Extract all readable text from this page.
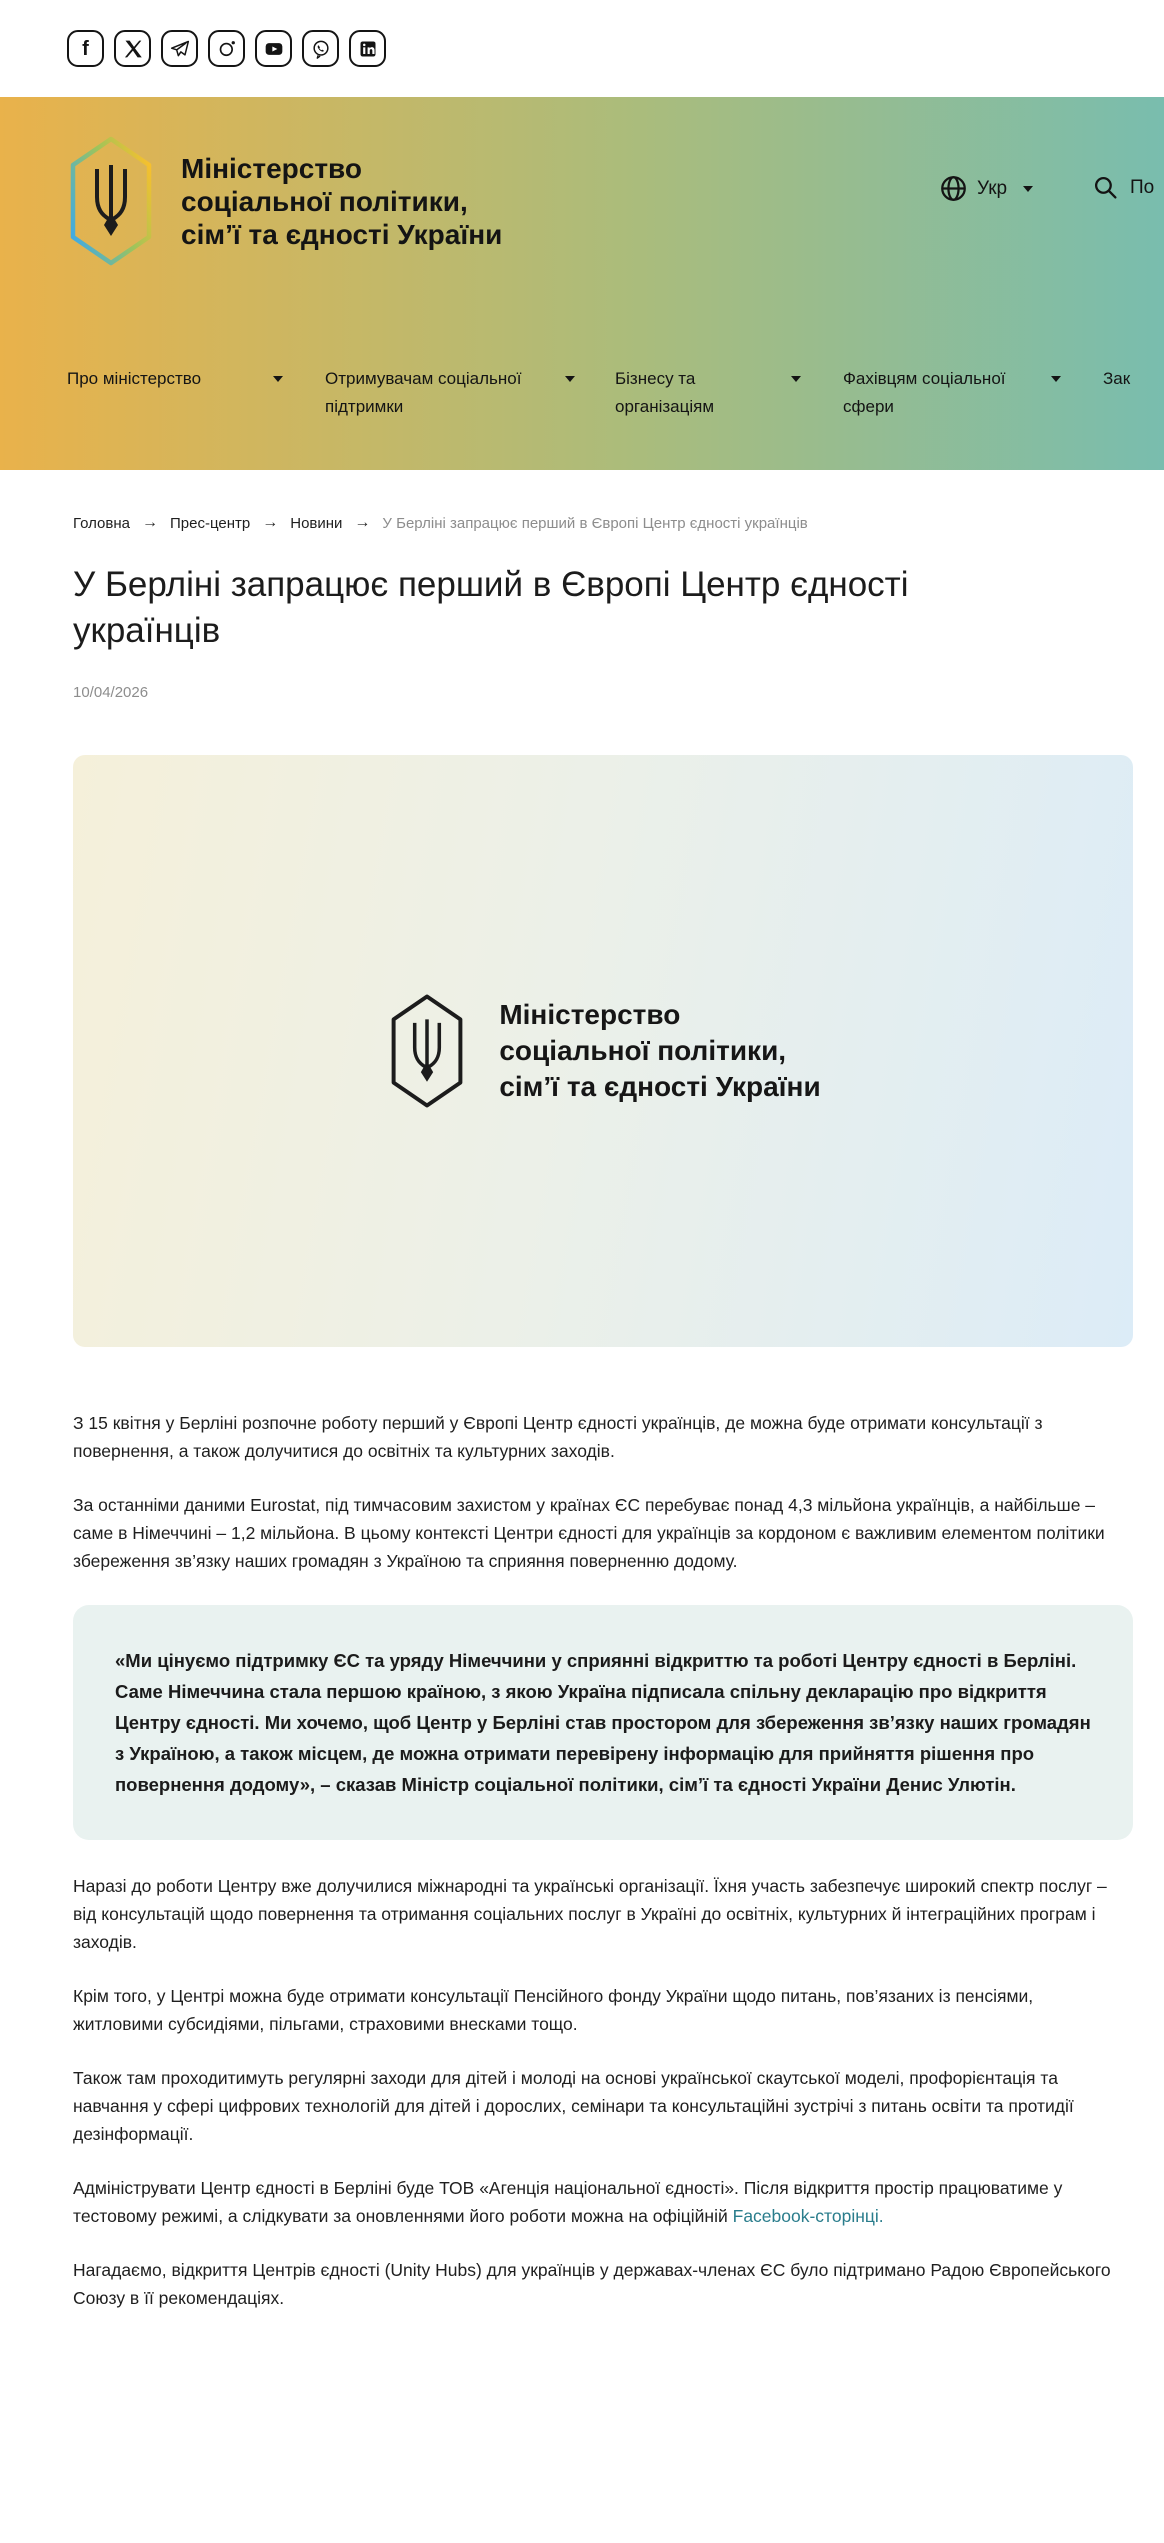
f
Міністерство
соціальної політики,
сім’ї та єдності України
Укр	По
Про міністерство	Отримувачам соціальної підтримки
Бізнесу та організаціям
Фахівцям соціальної сфери
Зак
Головна → Прес-центр → Новини → У Берліні запрацює перший в Європі Центр єдності українців
У Берліні запрацює перший в Європі Центр єдності українців
10/04/2026
Міністерство
соціальної політики,
сім’ї та єдності України

З 15 квітня у Берліні розпочне роботу перший у Європі Центр єдності українців, де можна буде отримати консультації з повернення, а також долучитися до освітніх та культурних заходів.

За останніми даними Eurostat, під тимчасовим захистом у країнах ЄС перебуває понад 4,3 мільйона українців, а найбільше – саме в Німеччині – 1,2 мільйона. В цьому контексті Центри єдності для українців за кордоном є важливим елементом політики збереження зв’язку наших громадян з Україною та сприяння поверненню додому.

«Ми цінуємо підтримку ЄС та уряду Німеччини у сприянні відкриттю та роботі Центру єдності в Берліні. Саме Німеччина стала першою країною, з якою Україна підписала спільну декларацію про відкриття Центру єдності. Ми хочемо, щоб Центр у Берліні став простором для збереження зв’язку наших громадян з Україною, а також місцем, де можна отримати перевірену інформацію для прийняття рішення про повернення додому», – сказав Міністр соціальної політики, сім’ї та єдності України Денис Улютін.

Наразі до роботи Центру вже долучилися міжнародні та українські організації. Їхня участь забезпечує широкий спектр послуг – від консультацій щодо повернення та отримання соціальних послуг в Україні до освітніх, культурних й інтеграційних програм і заходів.

Крім того, у Центрі можна буде отримати консультації Пенсійного фонду України щодо питань, пов’язаних із пенсіями, житловими субсидіями, пільгами, страховими внесками тощо.

Також там проходитимуть регулярні заходи для дітей і молоді на основі української скаутської моделі, профорієнтація та навчання у сфері цифрових технологій для дітей і дорослих, семінари та консультаційні зустрічі з питань освіти та протидії дезінформації.

Адмініструвати Центр єдності в Берліні буде ТОВ «Агенція національної єдності». Після відкриття простір працюватиме у тестовому режимі, а слідкувати за оновленнями його роботи можна на офіційній Facebook-сторінці.

Нагадаємо, відкриття Центрів єдності (Unity Hubs) для українців у державах-членах ЄС було підтримано Радою Європейського Союзу в її рекомендаціях.
